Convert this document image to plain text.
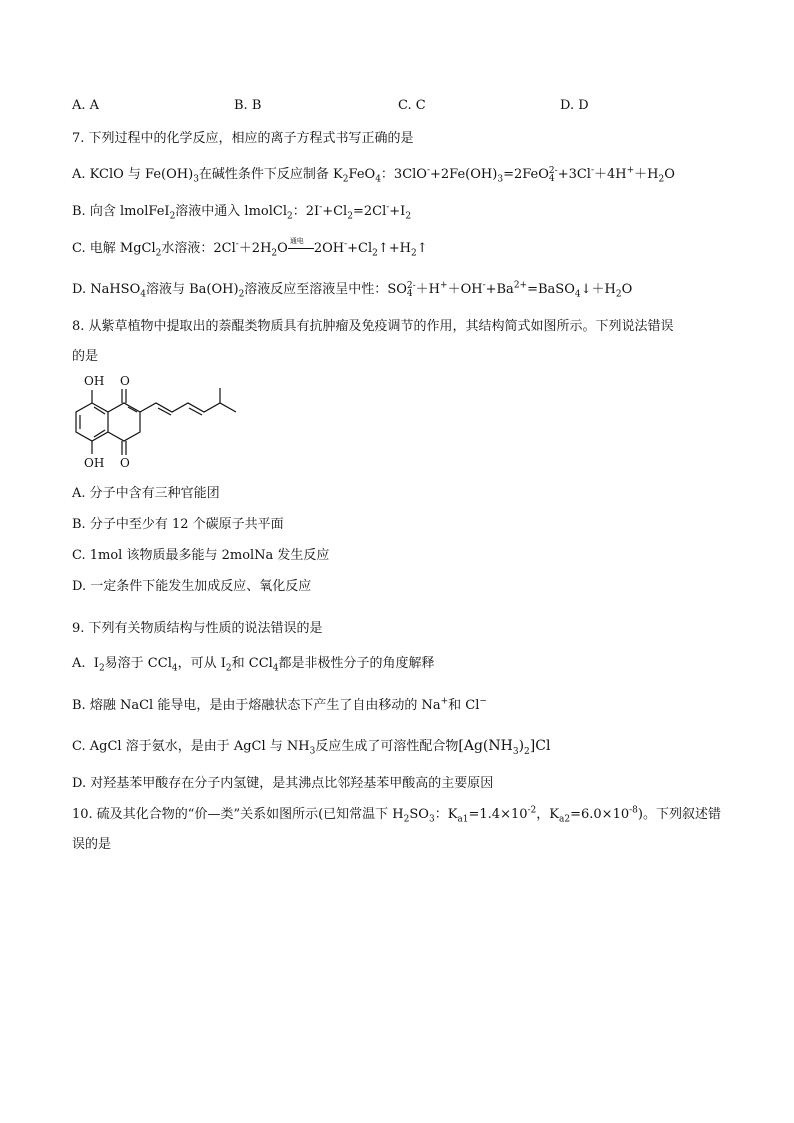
A. A	B. B	C. C	D. D
7. 下列过程中的化学反应，相应的离子方程式书写正确的是
A. KClO 与 $Fe(OH)_3$在碱性条件下反应制备 $K_2FeO_4$：$3ClO^-+2Fe(OH)_3=2FeO$ 2-
$4 +3Cl^-+4H^++H_2O$
B. 向含 lmolFeI$_2$溶液中通入 lmolCl$_2$：$2I^-+Cl_2=2Cl^-+I_2$
C. 电解 MgCl$_2$水溶液：$2Cl^-+2H_2O$
通电
$2OH^-+Cl_2↑+H_2↑$
D. NaHSO$_4$溶液与 $Ba(OH)_2$溶液反应至溶液呈中性：SO 2-
$4 +H^++OH^-+Ba^{2+}=BaSO_4↓+H_2O$
8. 从紫草植物中提取出的萘醌类物质具有抗肿瘤及免疫调节的作用，其结构简式如图所示。下列说法错误
的是
OH O
OH O
A. 分子中含有三种官能团
B. 分子中至少有 12 个碳原子共平面
C. 1mol 该物质最多能与 2molNa 发生反应
D. 一定条件下能发生加成反应、氧化反应
9. 下列有关物质结构与性质的说法错误的是
A.  $I_2$易溶于 CCl$_4$，可从 $I_2$和 CCl$_4$都是非极性分子的角度解释
B. 熔融 NaCl 能导电，是由于熔融状态下产生了自由移动的 Na+和 Cl−
C. AgCl 溶于氨水，是由于 AgCl 与 $NH_3$反应生成了可溶性配合物$[Ag(NH_3)_2]Cl$
D. 对羟基苯甲酸存在分子内氢键，是其沸点比邻羟基苯甲酸高的主要原因
10. 硫及其化合物的“价—类”关系如图所示(已知常温下 $H_2SO_3$：$K_{a1}=1.4\times 10^{-2}$，$K_{a2}=6.0\times 10^{-8}$)。下列叙述错
误的是
